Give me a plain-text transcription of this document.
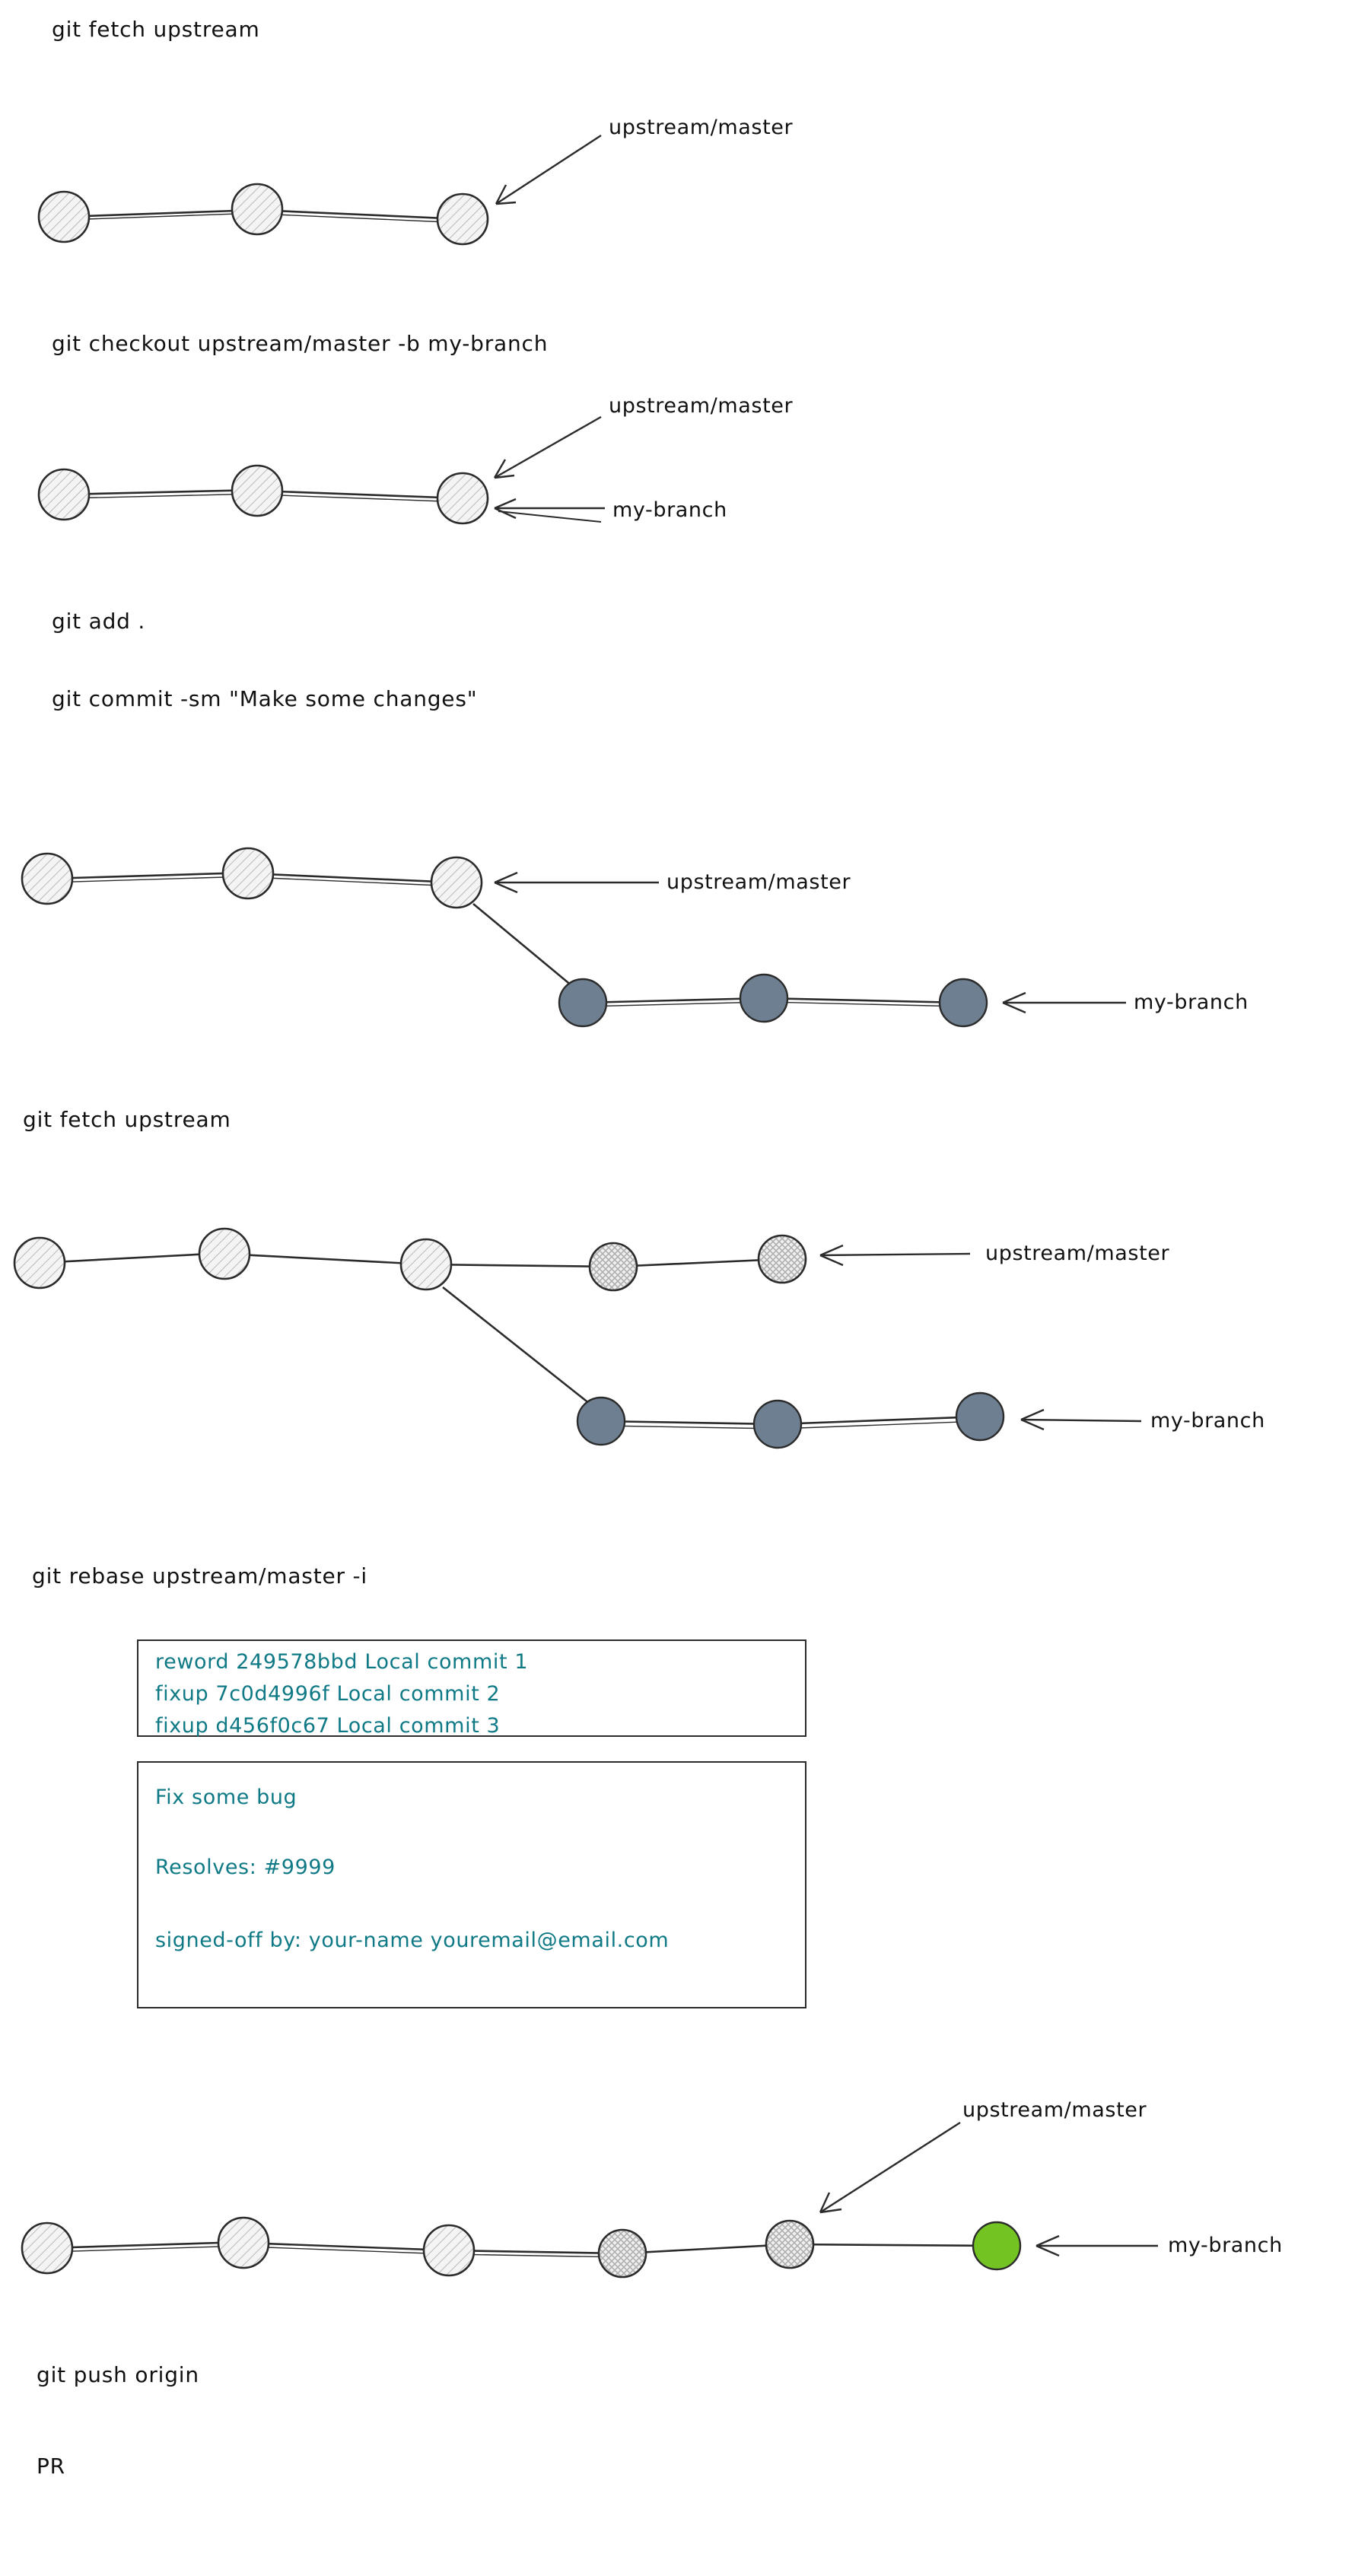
git fetch upstream
git checkout upstream/master -b my-branch
git add .
git commit -sm "Make some changes"
git fetch upstream
git rebase upstream/master -i
git push origin
PR
upstream/master
upstream/master
my-branch
upstream/master
my-branch
upstream/master
my-branch
upstream/master
my-branch
reword 249578bbd Local commit 1
fixup 7c0d4996f Local commit 2
fixup d456f0c67 Local commit 3
Fix some bug
Resolves: #9999
signed-off by: your-name youremail@email.com
